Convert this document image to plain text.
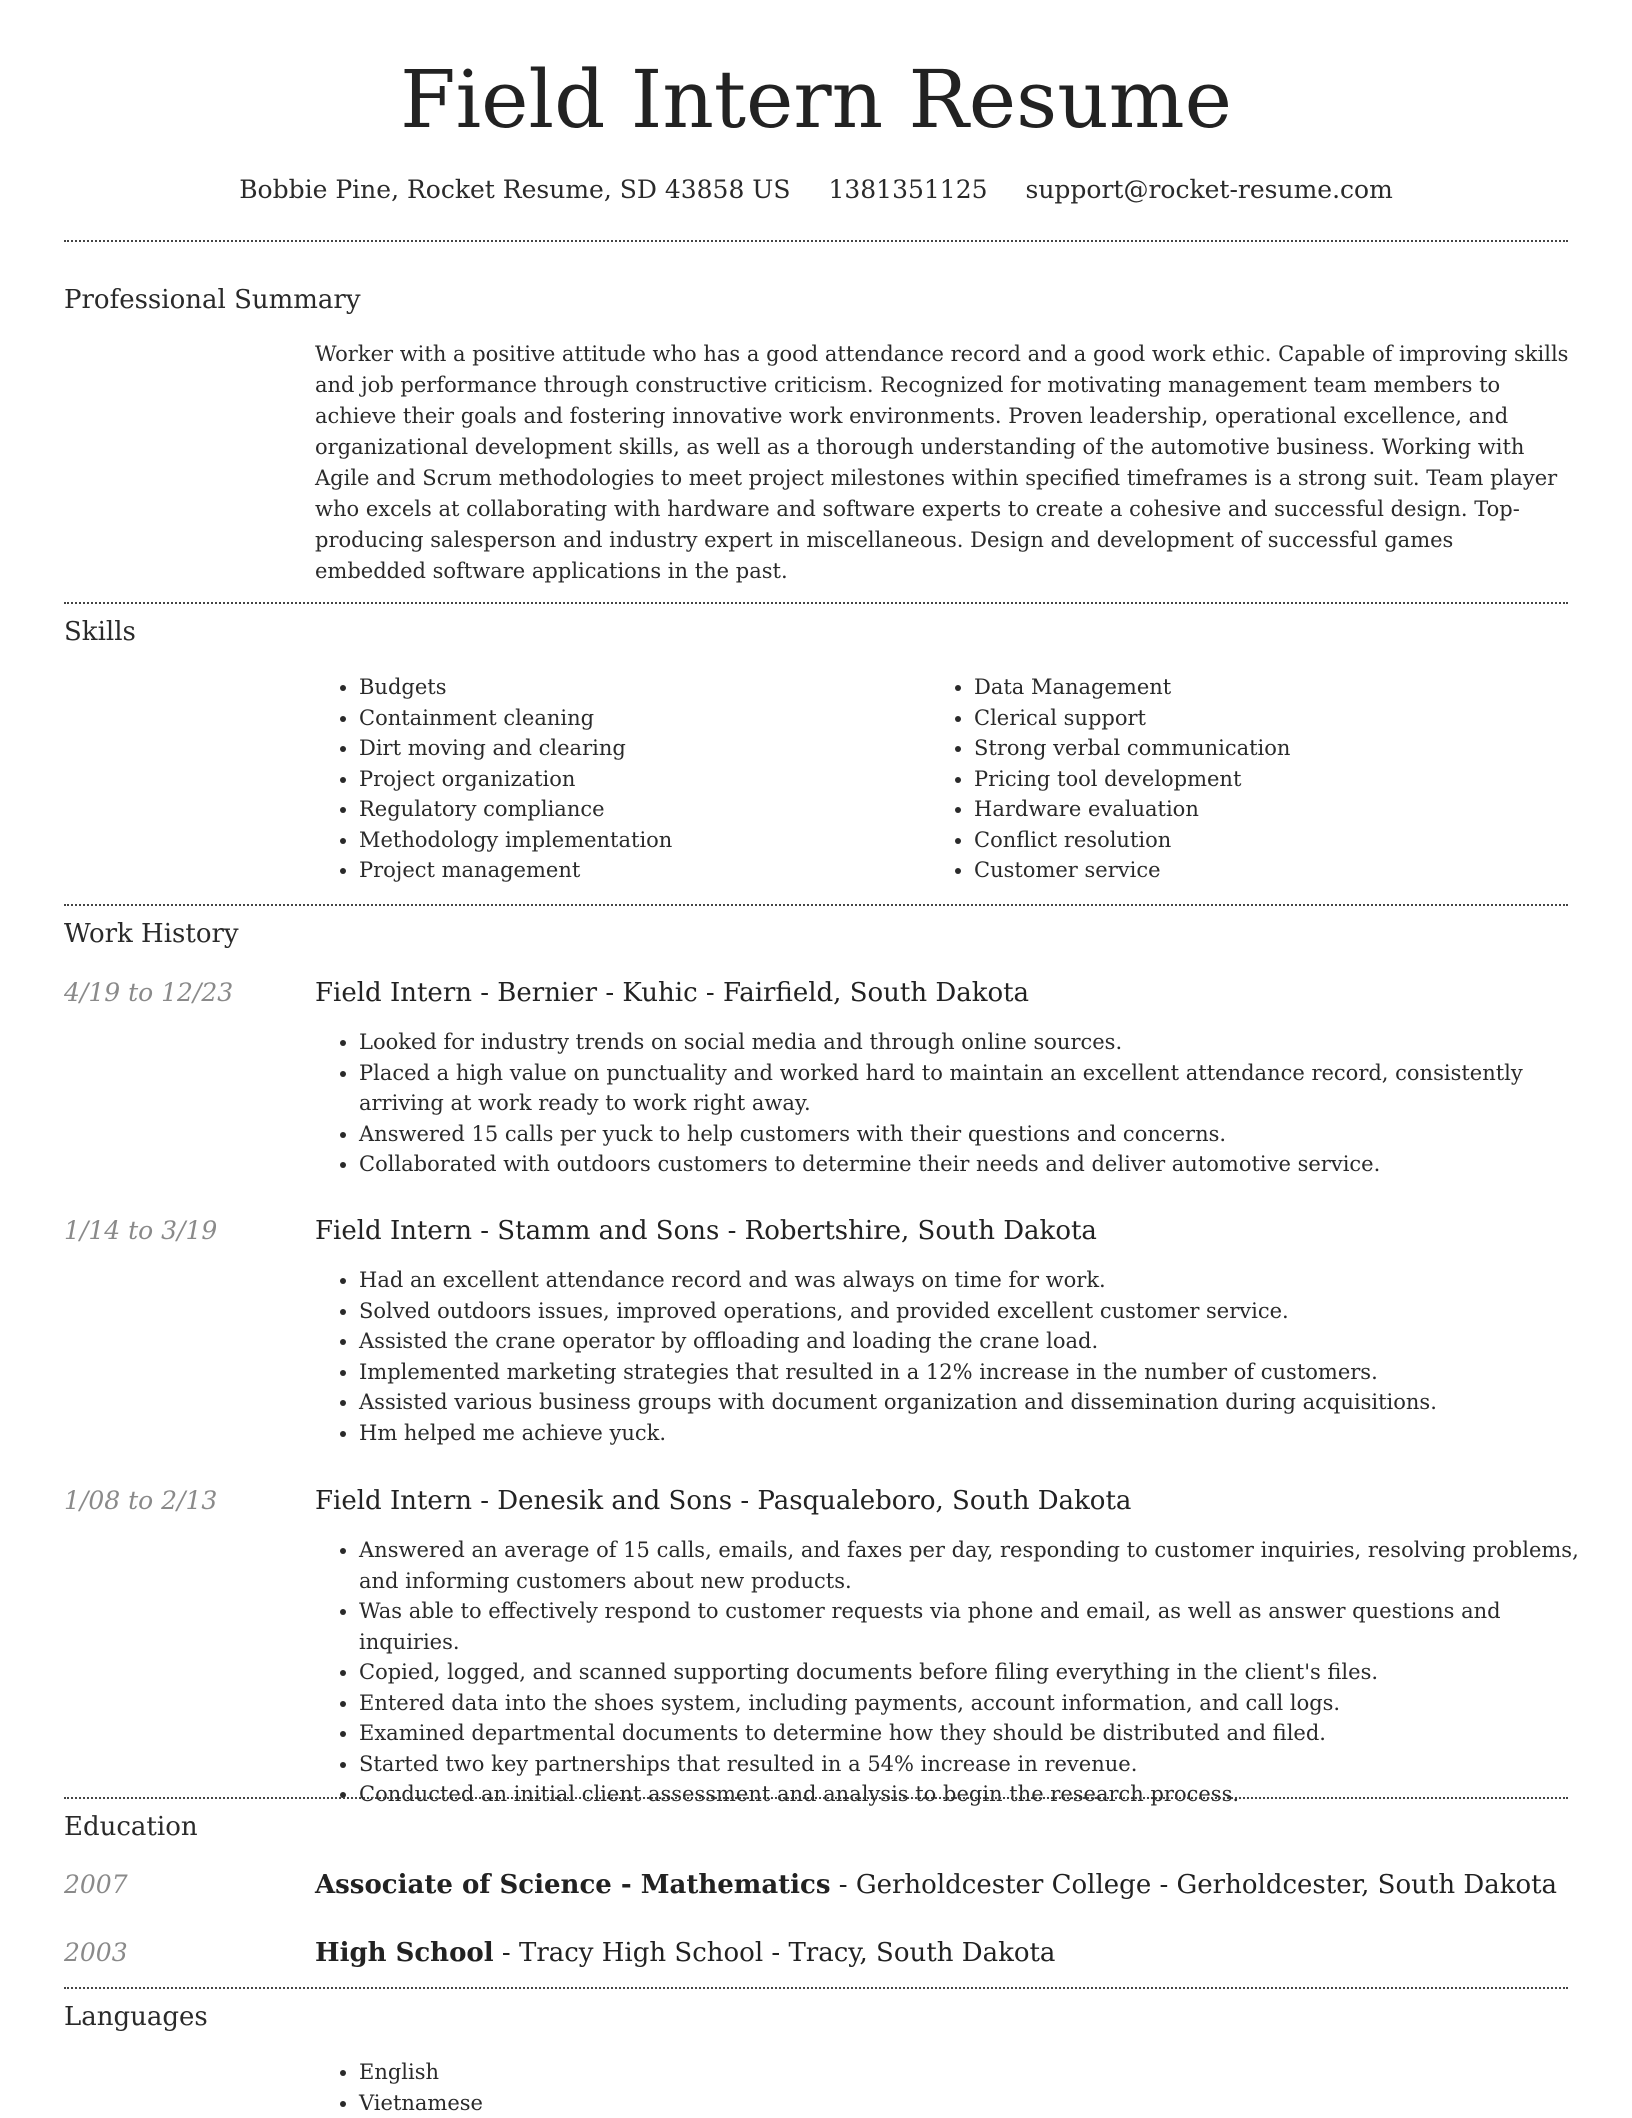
Field Intern Resume
Bobbie Pine, Rocket Resume, SD 43858 US 1381351125 support@rocket-resume.com
Professional Summary
Worker with a positive attitude who has a good attendance record and a good work ethic. Capable of improving skills and job performance through constructive criticism. Recognized for motivating management team members to achieve their goals and fostering innovative work environments. Proven leadership, operational excellence, and organizational development skills, as well as a thorough understanding of the automotive business. Working with Agile and Scrum methodologies to meet project milestones within specified timeframes is a strong suit. Team player who excels at collaborating with hardware and software experts to create a cohesive and successful design. Top-producing salesperson and industry expert in miscellaneous. Design and development of successful games embedded software applications in the past.
Skills
• Budgets
• Containment cleaning
• Dirt moving and clearing
• Project organization
• Regulatory compliance
• Methodology implementation
• Project management
• Data Management
• Clerical support
• Strong verbal communication
• Pricing tool development
• Hardware evaluation
• Conflict resolution
• Customer service
Work History
4/19 to 12/23	Field Intern - Bernier - Kuhic - Fairfield, South Dakota
• Looked for industry trends on social media and through online sources.
• Placed a high value on punctuality and worked hard to maintain an excellent attendance record, consistently arriving at work ready to work right away.
• Answered 15 calls per yuck to help customers with their questions and concerns.
• Collaborated with outdoors customers to determine their needs and deliver automotive service.
1/14 to 3/19	Field Intern - Stamm and Sons - Robertshire, South Dakota
• Had an excellent attendance record and was always on time for work.
• Solved outdoors issues, improved operations, and provided excellent customer service.
• Assisted the crane operator by offloading and loading the crane load.
• Implemented marketing strategies that resulted in a 12% increase in the number of customers.
• Assisted various business groups with document organization and dissemination during acquisitions.
• Hm helped me achieve yuck.
1/08 to 2/13	Field Intern - Denesik and Sons - Pasqualeboro, South Dakota
• Answered an average of 15 calls, emails, and faxes per day, responding to customer inquiries, resolving problems, and informing customers about new products.
• Was able to effectively respond to customer requests via phone and email, as well as answer questions and inquiries.
• Copied, logged, and scanned supporting documents before filing everything in the client's files.
• Entered data into the shoes system, including payments, account information, and call logs.
• Examined departmental documents to determine how they should be distributed and filed.
• Started two key partnerships that resulted in a 54% increase in revenue.
• Conducted an initial client assessment and analysis to begin the research process.
Education
2007	Associate of Science - Mathematics - Gerholdcester College - Gerholdcester, South Dakota
2003	High School - Tracy High School - Tracy, South Dakota
Languages
• English
• Vietnamese
